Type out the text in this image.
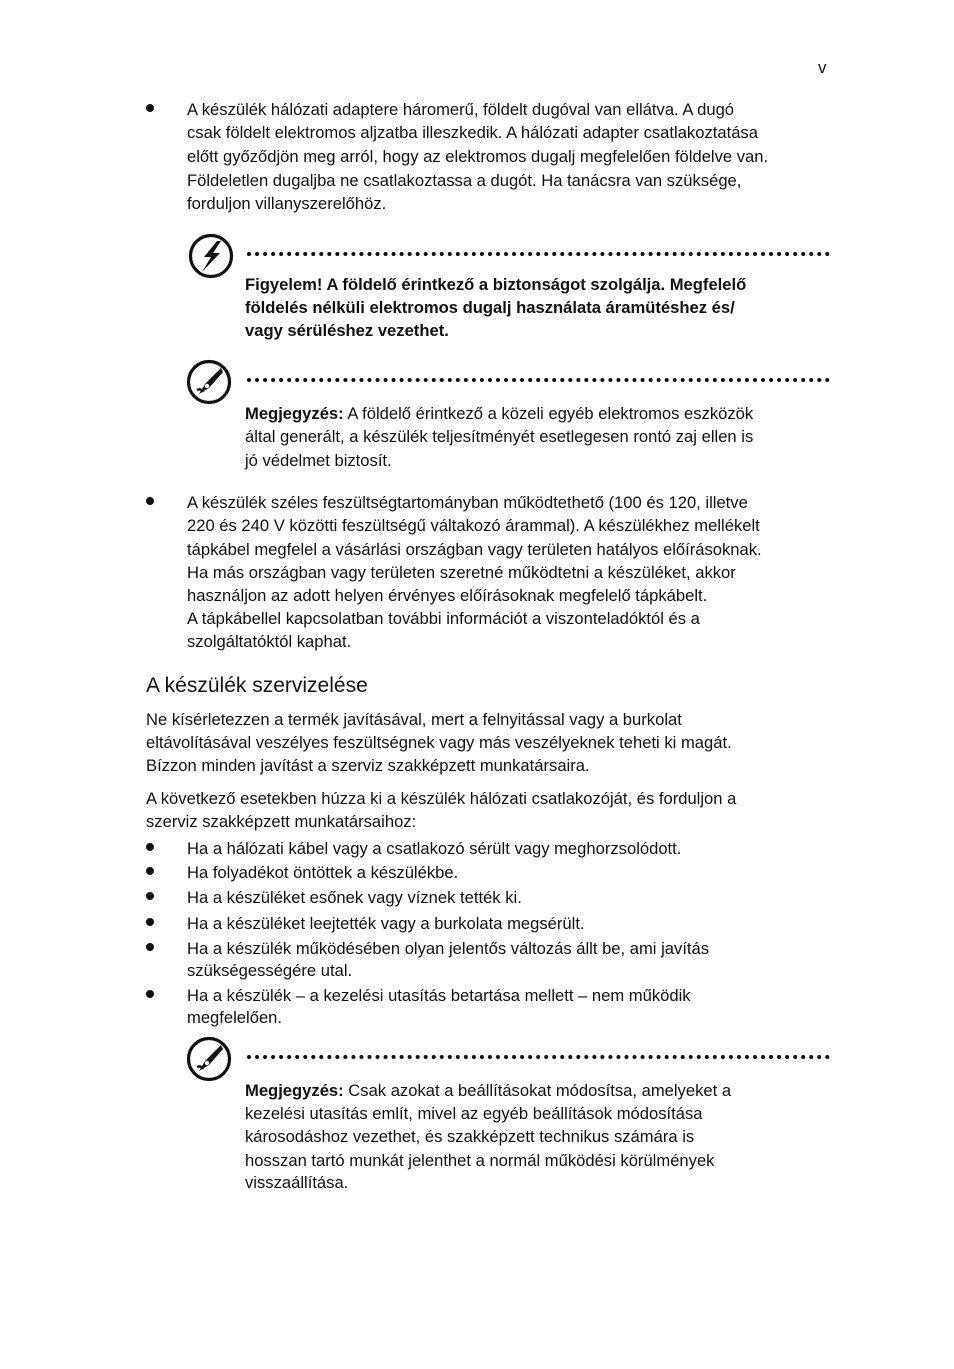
v
A készülék hálózati adaptere háromerű, földelt dugóval van ellátva. A dugó
csak földelt elektromos aljzatba illeszkedik. A hálózati adapter csatlakoztatása
előtt győződjön meg arról, hogy az elektromos dugalj megfelelően földelve van.
Földeletlen dugaljba ne csatlakoztassa a dugót. Ha tanácsra van szüksége,
forduljon villanyszerelőhöz.
Figyelem! A földelő érintkező a biztonságot szolgálja. Megfelelő
földelés nélküli elektromos dugalj használata áramütéshez és/
vagy sérüléshez vezethet.
Megjegyzés: A földelő érintkező a közeli egyéb elektromos eszközök
által generált, a készülék teljesítményét esetlegesen rontó zaj ellen is
jó védelmet biztosít.
A készülék széles feszültségtartományban működtethető (100 és 120, illetve
220 és 240 V közötti feszültségű váltakozó árammal). A készülékhez mellékelt
tápkábel megfelel a vásárlási országban vagy területen hatályos előírásoknak.
Ha más országban vagy területen szeretné működtetni a készüléket, akkor
használjon az adott helyen érvényes előírásoknak megfelelő tápkábelt.
A tápkábellel kapcsolatban további információt a viszonteladóktól és a
szolgáltatóktól kaphat.
A készülék szervizelése
Ne kísérletezzen a termék javításával, mert a felnyitással vagy a burkolat
eltávolításával veszélyes feszültségnek vagy más veszélyeknek teheti ki magát.
Bízzon minden javítást a szerviz szakképzett munkatársaira.
A következő esetekben húzza ki a készülék hálózati csatlakozóját, és forduljon a
szerviz szakképzett munkatársaihoz:
Ha a hálózati kábel vagy a csatlakozó sérült vagy meghorzsolódott.
Ha folyadékot öntöttek a készülékbe.
Ha a készüléket esőnek vagy víznek tették ki.
Ha a készüléket leejtették vagy a burkolata megsérült.
Ha a készülék működésében olyan jelentős változás állt be, ami javítás
szükségességére utal.
Ha a készülék – a kezelési utasítás betartása mellett – nem működik
megfelelően.
Megjegyzés: Csak azokat a beállításokat módosítsa, amelyeket a
kezelési utasítás említ, mivel az egyéb beállítások módosítása
károsodáshoz vezethet, és szakképzett technikus számára is
hosszan tartó munkát jelenthet a normál működési körülmények
visszaállítása.
